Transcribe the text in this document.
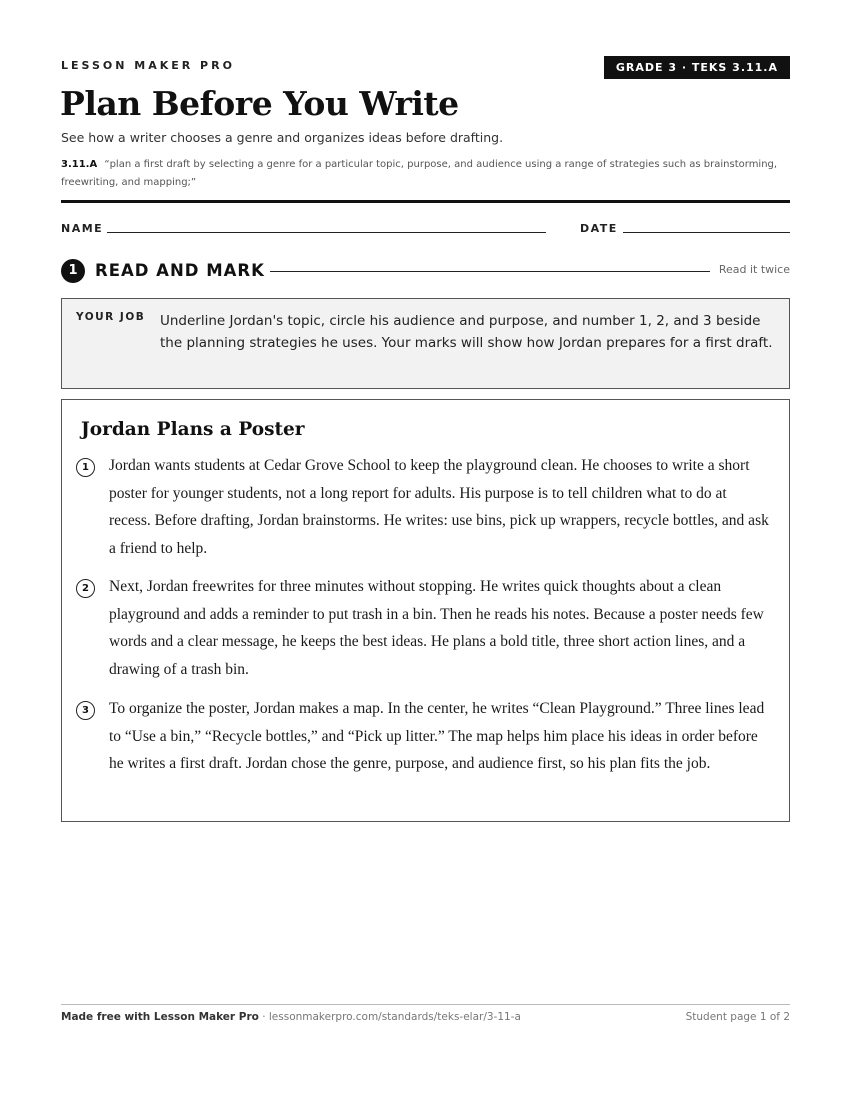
LESSON MAKER PRO	GRADE 3 · TEKS 3.11.A
Plan Before You Write
See how a writer chooses a genre and organizes ideas before drafting.
3.11.A “plan a first draft by selecting a genre for a particular topic, purpose, and audience using a range of strategies such as brainstorming, freewriting, and mapping;”
NAME	DATE
1	READ AND MARK	Read it twice
YOUR JOB Underline Jordan's topic, circle his audience and purpose, and number 1, 2, and 3 beside the planning strategies he uses. Your marks will show how Jordan prepares for a first draft.
Jordan Plans a Poster
1	Jordan wants students at Cedar Grove School to keep the playground clean. He chooses to write a short poster for younger students, not a long report for adults. His purpose is to tell children what to do at recess. Before drafting, Jordan brainstorms. He writes: use bins, pick up wrappers, recycle bottles, and ask a friend to help.
2	Next, Jordan freewrites for three minutes without stopping. He writes quick thoughts about a clean playground and adds a reminder to put trash in a bin. Then he reads his notes. Because a poster needs few words and a clear message, he keeps the best ideas. He plans a bold title, three short action lines, and a drawing of a trash bin.
3	To organize the poster, Jordan makes a map. In the center, he writes “Clean Playground.” Three lines lead to “Use a bin,” “Recycle bottles,” and “Pick up litter.” The map helps him place his ideas in order before he writes a first draft. Jordan chose the genre, purpose, and audience first, so his plan fits the job.
Made free with Lesson Maker Pro · lessonmakerpro.com/standards/teks-elar/3-11-a	Student page 1 of 2
